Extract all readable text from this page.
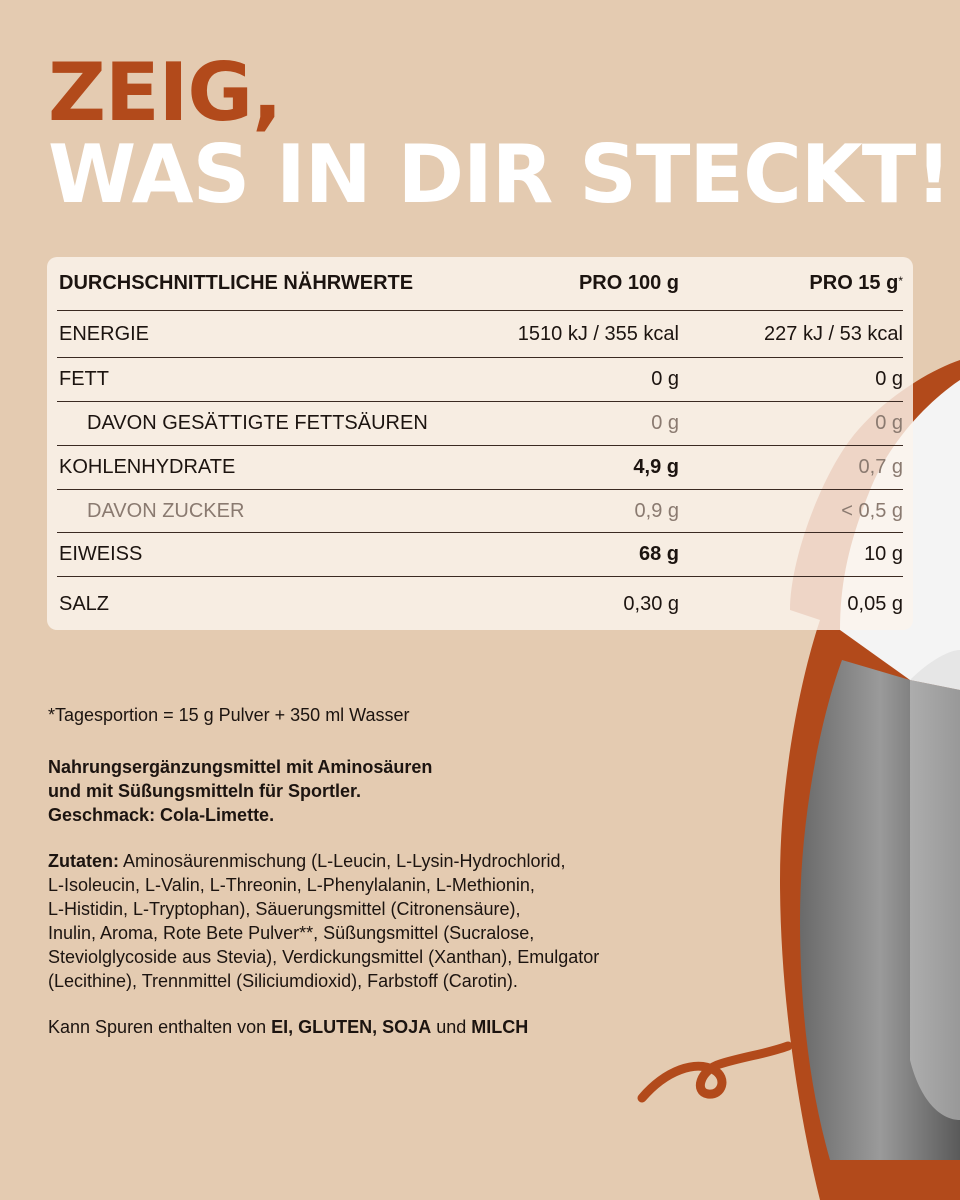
ZEIG,
WAS IN DIR STECKT!
DURCHSCHNITTLICHE NÄHRWERTE	PRO 100 g	PRO 15 g*
ENERGIE	1510 kJ / 355 kcal	227 kJ / 53 kcal
FETT	0 g	0 g
DAVON GESÄTTIGTE FETTSÄUREN	0 g	0 g
KOHLENHYDRATE	4,9 g	0,7 g
DAVON ZUCKER	0,9 g	< 0,5 g
EIWEISS	68 g	10 g
SALZ	0,30 g	0,05 g
*Tagesportion = 15 g Pulver + 350 ml Wasser
Nahrungsergänzungsmittel mit Aminosäuren
und mit Süßungsmitteln für Sportler.
Geschmack: Cola-Limette.
Zutaten: Aminosäurenmischung (L-Leucin, L-Lysin-Hydrochlorid,
L-Isoleucin, L-Valin, L-Threonin, L-Phenylalanin, L-Methionin,
L-Histidin, L-Tryptophan), Säuerungsmittel (Citronensäure),
Inulin, Aroma, Rote Bete Pulver**, Süßungsmittel (Sucralose,
Steviolglycoside aus Stevia), Verdickungsmittel (Xanthan), Emulgator
(Lecithine), Trennmittel (Siliciumdioxid), Farbstoff (Carotin).
Kann Spuren enthalten von EI, GLUTEN, SOJA und MILCH
